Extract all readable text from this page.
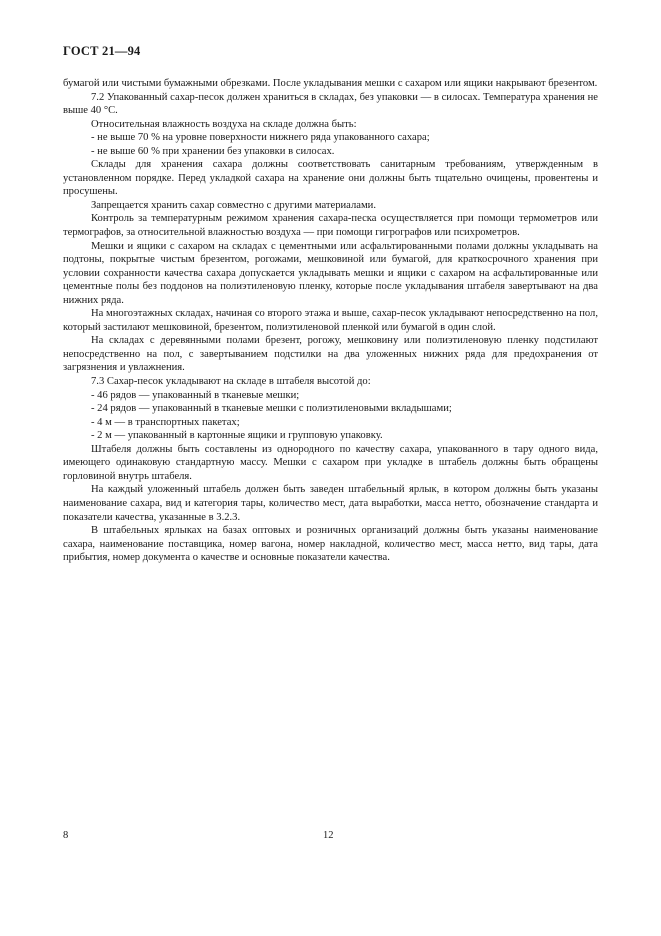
ГОСТ 21—94

бумагой или чистыми бумажными обрезками. После укладывания мешки с сахаром или ящики накрывают брезентом.

7.2 Упакованный сахар-песок должен храниться в складах, без упаковки — в силосах. Температура хранения не выше 40 °С.

Относительная влажность воздуха на складе должна быть:

- не выше 70 % на уровне поверхности нижнего ряда упакованного сахара;

- не выше 60 % при хранении без упаковки в силосах.

Склады для хранения сахара должны соответствовать санитарным требованиям, утвержденным в установленном порядке. Перед укладкой сахара на хранение они должны быть тщательно очищены, провентены и просушены.

Запрещается хранить сахар совместно с другими материалами.

Контроль за температурным режимом хранения сахара-песка осуществляется при помощи термометров или термографов, за относительной влажностью воздуха — при помощи гигрографов или психрометров.

Мешки и ящики с сахаром на складах с цементными или асфальтированными полами должны укладывать на подтоны, покрытые чистым брезентом, рогожами, мешковиной или бумагой, для краткосрочного хранения при условии сохранности качества сахара допускается укладывать мешки и ящики с сахаром на асфальтированные или цементные полы без поддонов на полиэтиленовую пленку, которые после укладывания штабеля завертывают на два нижних ряда.

На многоэтажных складах, начиная со второго этажа и выше, сахар-песок укладывают непосредственно на пол, который застилают мешковиной, брезентом, полиэтиленовой пленкой или бумагой в один слой.

На складах с деревянными полами брезент, рогожу, мешковину или полиэтиленовую пленку подстилают непосредственно на пол, с завертыванием подстилки на два уложенных нижних ряда для предохранения от загрязнения и увлажнения.

7.3 Сахар-песок укладывают на складе в штабеля высотой до:

- 46 рядов — упакованный в тканевые мешки;

- 24 рядов — упакованный в тканевые мешки с полиэтиленовыми вкладышами;

- 4 м — в транспортных пакетах;

- 2 м — упакованный в картонные ящики и групповую упаковку.

Штабеля должны быть составлены из однородного по качеству сахара, упакованного в тару одного вида, имеющего одинаковую стандартную массу. Мешки с сахаром при укладке в штабель должны быть обращены горловиной внутрь штабеля.

На каждый уложенный штабель должен быть заведен штабельный ярлык, в котором должны быть указаны наименование сахара, вид и категория тары, количество мест, дата выработки, масса нетто, обозначение стандарта и показатели качества, указанные в 3.2.3.

В штабельных ярлыках на базах оптовых и розничных организаций должны быть указаны наименование сахара, наименование поставщика, номер вагона, номер накладной, количество мест, масса нетто, вид тары, дата прибытия, номер документа о качестве и основные показатели качества.

8	12
